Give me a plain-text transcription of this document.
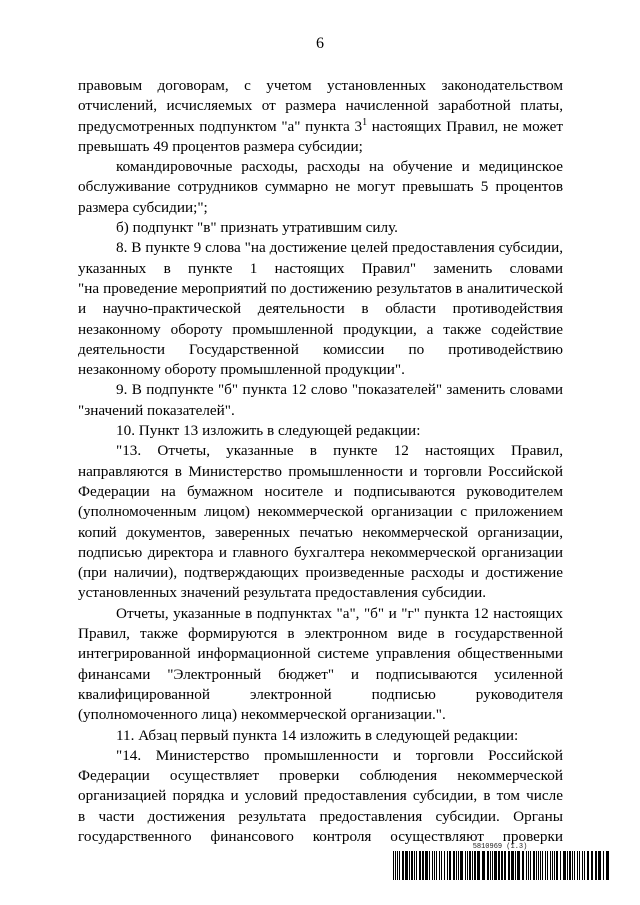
6
правовым договорам, с учетом установленных законодательством
отчислений, исчисляемых от размера начисленной заработной платы,
предусмотренных подпунктом "а" пункта $3^1$ настоящих Правил, не может
превышать 49 процентов размера субсидии;
командировочные расходы, расходы на обучение и медицинское
обслуживание сотрудников суммарно не могут превышать 5 процентов
размера субсидии;";
б) подпункт "в" признать утратившим силу.
8. В пункте 9 слова "на достижение целей предоставления субсидии,
указанных в пункте 1 настоящих Правил" заменить словами
"на проведение мероприятий по достижению результатов в аналитической
и научно-практической деятельности в области противодействия
незаконному обороту промышленной продукции, а также содействие
деятельности Государственной комиссии по противодействию
незаконному обороту промышленной продукции".
9. В подпункте "б" пункта 12 слово "показателей" заменить словами
"значений показателей".
10. Пункт 13 изложить в следующей редакции:
"13. Отчеты, указанные в пункте 12 настоящих Правил,
направляются в Министерство промышленности и торговли Российской
Федерации на бумажном носителе и подписываются руководителем
(уполномоченным лицом) некоммерческой организации с приложением
копий документов, заверенных печатью некоммерческой организации,
подписью директора и главного бухгалтера некоммерческой организации
(при наличии), подтверждающих произведенные расходы и достижение
установленных значений результата предоставления субсидии.
Отчеты, указанные в подпунктах "а", "б" и "г" пункта 12 настоящих
Правил, также формируются в электронном виде в государственной
интегрированной информационной системе управления общественными
финансами "Электронный бюджет" и подписываются усиленной
квалифицированной электронной подписью руководителя
(уполномоченного лица) некоммерческой организации.".
11. Абзац первый пункта 14 изложить в следующей редакции:
"14. Министерство промышленности и торговли Российской
Федерации осуществляет проверки соблюдения некоммерческой
организацией порядка и условий предоставления субсидии, в том числе
в части достижения результата предоставления субсидии. Органы
государственного финансового контроля осуществляют проверки
5810969 (1.3)
